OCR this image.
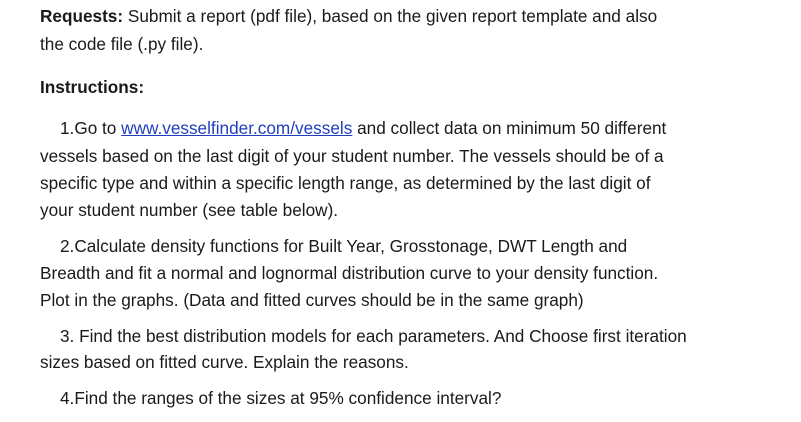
Requests: Submit a report (pdf file), based on the given report template and also
the code file (.py file).
Instructions:
1.Go to www.vesselfinder.com/vessels and collect data on minimum 50 different
vessels based on the last digit of your student number. The vessels should be of a
specific type and within a specific length range, as determined by the last digit of
your student number (see table below).
2.Calculate density functions for Built Year, Grosstonage, DWT Length and
Breadth and fit a normal and lognormal distribution curve to your density function.
Plot in the graphs. (Data and fitted curves should be in the same graph)
3. Find the best distribution models for each parameters. And Choose first iteration
sizes based on fitted curve. Explain the reasons.
4.Find the ranges of the sizes at 95% confidence interval?
